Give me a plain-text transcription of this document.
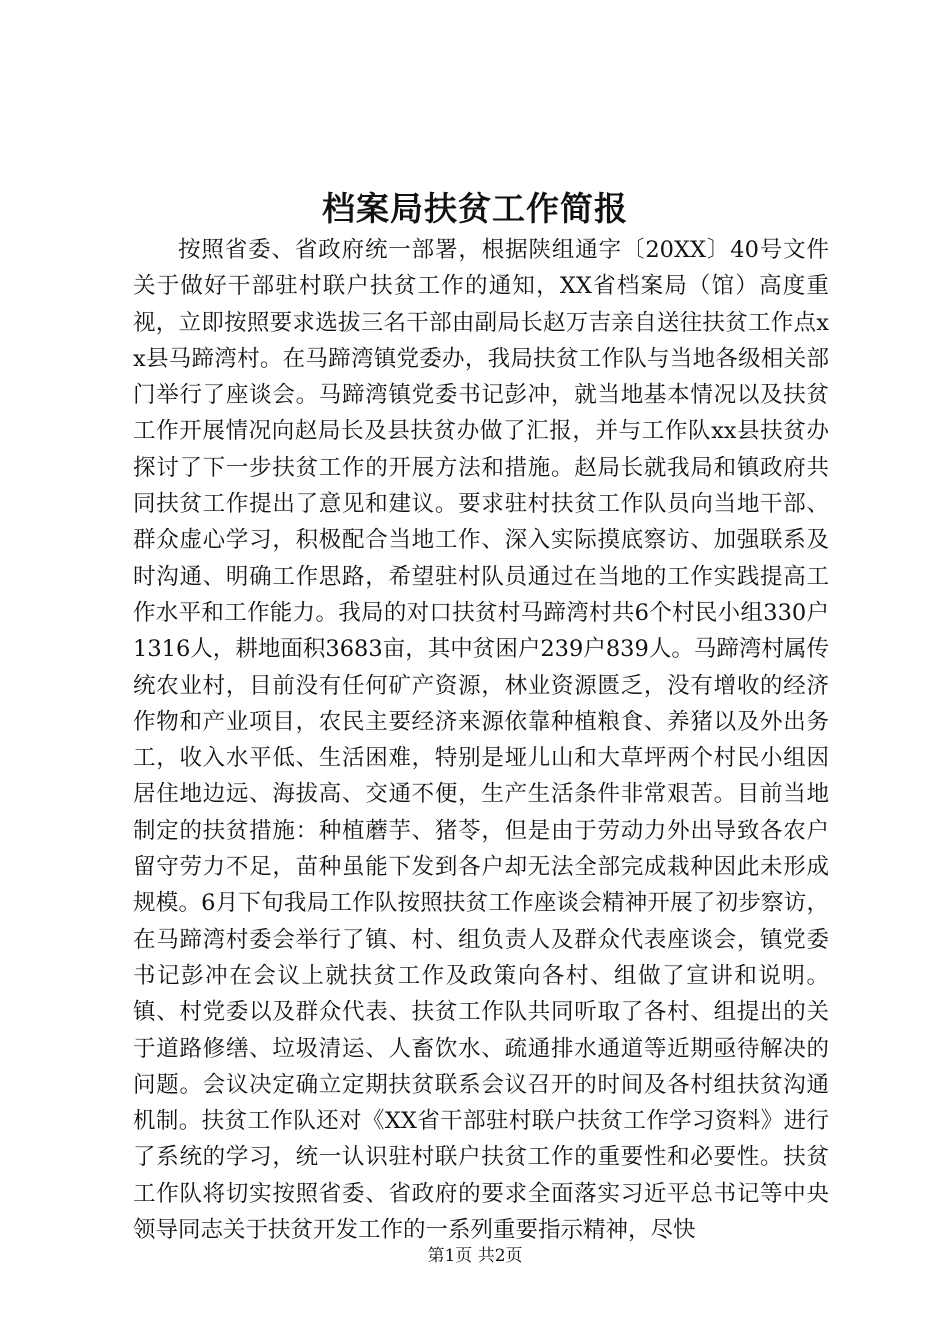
档案局扶贫工作简报

按照省委、省政府统一部署，根据陕组通字〔20XX〕40号文件关于做好干部驻村联户扶贫工作的通知，XX省档案局（馆）高度重视，立即按照要求选拔三名干部由副局长赵万吉亲自送往扶贫工作点xx县马蹄湾村。在马蹄湾镇党委办，我局扶贫工作队与当地各级相关部门举行了座谈会。马蹄湾镇党委书记彭冲，就当地基本情况以及扶贫工作开展情况向赵局长及县扶贫办做了汇报，并与工作队xx县扶贫办探讨了下一步扶贫工作的开展方法和措施。赵局长就我局和镇政府共同扶贫工作提出了意见和建议。要求驻村扶贫工作队员向当地干部、群众虚心学习，积极配合当地工作、深入实际摸底察访、加强联系及时沟通、明确工作思路，希望驻村队员通过在当地的工作实践提高工作水平和工作能力。我局的对口扶贫村马蹄湾村共6个村民小组330户1316人，耕地面积3683亩，其中贫困户239户839人。马蹄湾村属传统农业村，目前没有任何矿产资源，林业资源匮乏，没有增收的经济作物和产业项目，农民主要经济来源依靠种植粮食、养猪以及外出务工，收入水平低、生活困难，特别是垭儿山和大草坪两个村民小组因居住地边远、海拔高、交通不便，生产生活条件非常艰苦。目前当地制定的扶贫措施：种植蘑芋、猪苓，但是由于劳动力外出导致各农户留守劳力不足，苗种虽能下发到各户却无法全部完成栽种因此未形成规模。6月下旬我局工作队按照扶贫工作座谈会精神开展了初步察访，在马蹄湾村委会举行了镇、村、组负责人及群众代表座谈会，镇党委书记彭冲在会议上就扶贫工作及政策向各村、组做了宣讲和说明。镇、村党委以及群众代表、扶贫工作队共同听取了各村、组提出的关于道路修缮、垃圾清运、人畜饮水、疏通排水通道等近期亟待解决的问题。会议决定确立定期扶贫联系会议召开的时间及各村组扶贫沟通机制。扶贫工作队还对《XX省干部驻村联户扶贫工作学习资料》进行了系统的学习，统一认识驻村联户扶贫工作的重要性和必要性。扶贫工作队将切实按照省委、省政府的要求全面落实习近平总书记等中央领导同志关于扶贫开发工作的一系列重要指示精神，尽快

第1页 共2页
